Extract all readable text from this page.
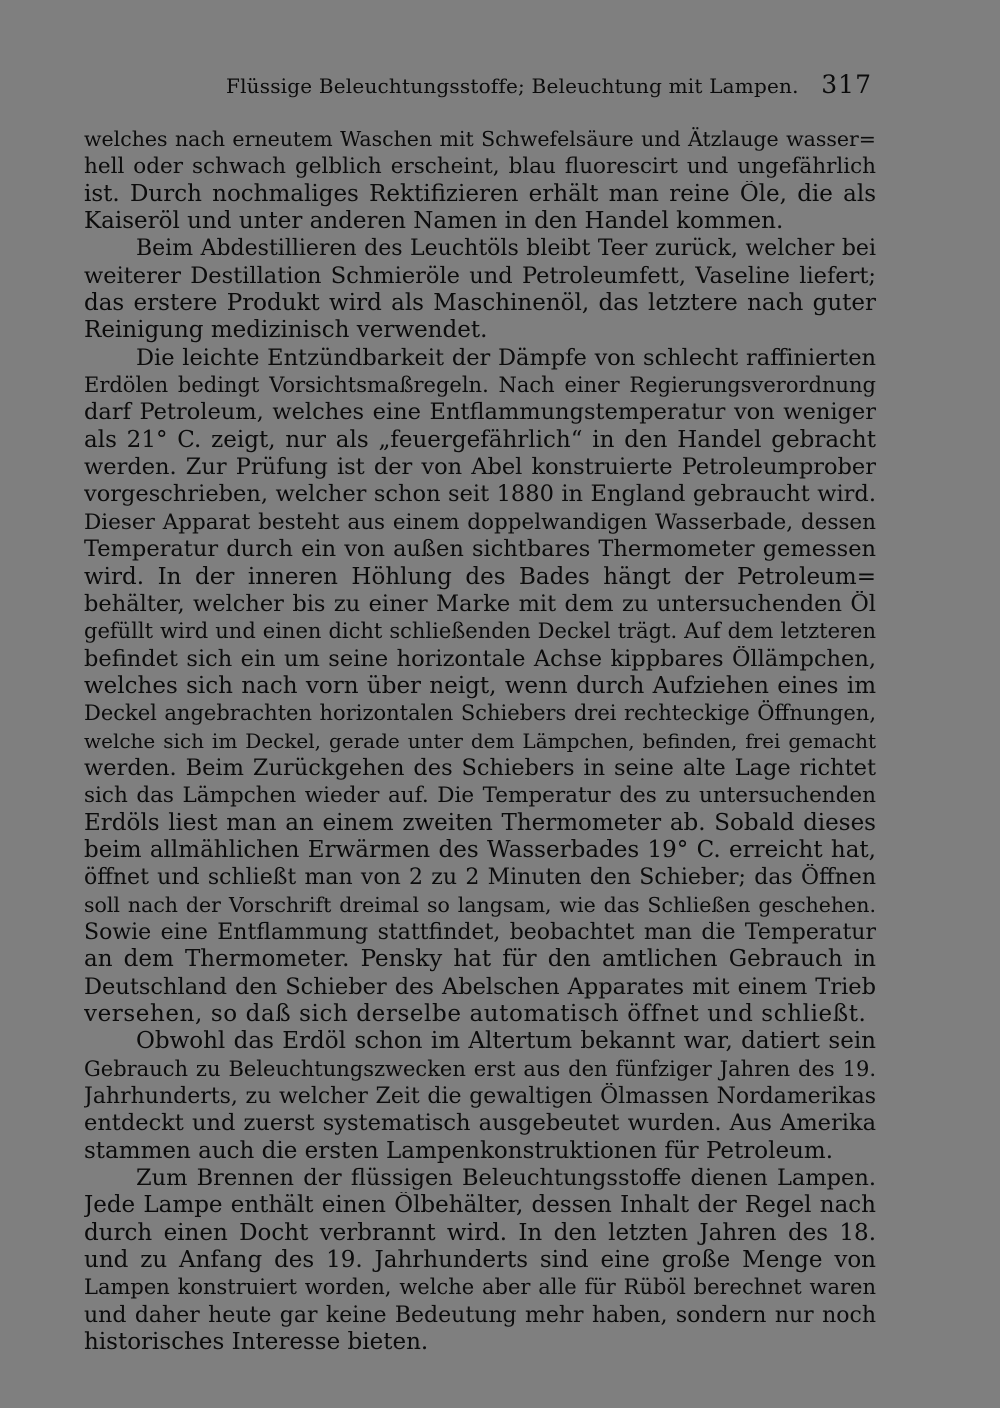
Flüssige Beleuchtungsstoffe; Beleuchtung mit Lampen. 317
welches nach erneutem Waschen mit Schwefelsäure und Ätzlauge wasser=
hell oder schwach gelblich erscheint, blau fluorescirt und ungefährlich
ist. Durch nochmaliges Rektifizieren erhält man reine Öle, die als
Kaiseröl und unter anderen Namen in den Handel kommen.
Beim Abdestillieren des Leuchtöls bleibt Teer zurück, welcher bei
weiterer Destillation Schmieröle und Petroleumfett, Vaseline liefert;
das erstere Produkt wird als Maschinenöl, das letztere nach guter
Reinigung medizinisch verwendet.
Die leichte Entzündbarkeit der Dämpfe von schlecht raffinierten
Erdölen bedingt Vorsichtsmaßregeln. Nach einer Regierungsverordnung
darf Petroleum, welches eine Entflammungstemperatur von weniger
als 21° C. zeigt, nur als „feuergefährlich“ in den Handel gebracht
werden. Zur Prüfung ist der von Abel konstruierte Petroleumprober
vorgeschrieben, welcher schon seit 1880 in England gebraucht wird.
Dieser Apparat besteht aus einem doppelwandigen Wasserbade, dessen
Temperatur durch ein von außen sichtbares Thermometer gemessen
wird. In der inneren Höhlung des Bades hängt der Petroleum=
behälter, welcher bis zu einer Marke mit dem zu untersuchenden Öl
gefüllt wird und einen dicht schließenden Deckel trägt. Auf dem letzteren
befindet sich ein um seine horizontale Achse kippbares Öllämpchen,
welches sich nach vorn über neigt, wenn durch Aufziehen eines im
Deckel angebrachten horizontalen Schiebers drei rechteckige Öffnungen,
welche sich im Deckel, gerade unter dem Lämpchen, befinden, frei gemacht
werden. Beim Zurückgehen des Schiebers in seine alte Lage richtet
sich das Lämpchen wieder auf. Die Temperatur des zu untersuchenden
Erdöls liest man an einem zweiten Thermometer ab. Sobald dieses
beim allmählichen Erwärmen des Wasserbades 19° C. erreicht hat,
öffnet und schließt man von 2 zu 2 Minuten den Schieber; das Öffnen
soll nach der Vorschrift dreimal so langsam, wie das Schließen geschehen.
Sowie eine Entflammung stattfindet, beobachtet man die Temperatur
an dem Thermometer. Pensky hat für den amtlichen Gebrauch in
Deutschland den Schieber des Abelschen Apparates mit einem Trieb
versehen, so daß sich derselbe automatisch öffnet und schließt.
Obwohl das Erdöl schon im Altertum bekannt war, datiert sein
Gebrauch zu Beleuchtungszwecken erst aus den fünfziger Jahren des 19.
Jahrhunderts, zu welcher Zeit die gewaltigen Ölmassen Nordamerikas
entdeckt und zuerst systematisch ausgebeutet wurden. Aus Amerika
stammen auch die ersten Lampenkonstruktionen für Petroleum.
Zum Brennen der flüssigen Beleuchtungsstoffe dienen Lampen.
Jede Lampe enthält einen Ölbehälter, dessen Inhalt der Regel nach
durch einen Docht verbrannt wird. In den letzten Jahren des 18.
und zu Anfang des 19. Jahrhunderts sind eine große Menge von
Lampen konstruiert worden, welche aber alle für Rüböl berechnet waren
und daher heute gar keine Bedeutung mehr haben, sondern nur noch
historisches Interesse bieten.
